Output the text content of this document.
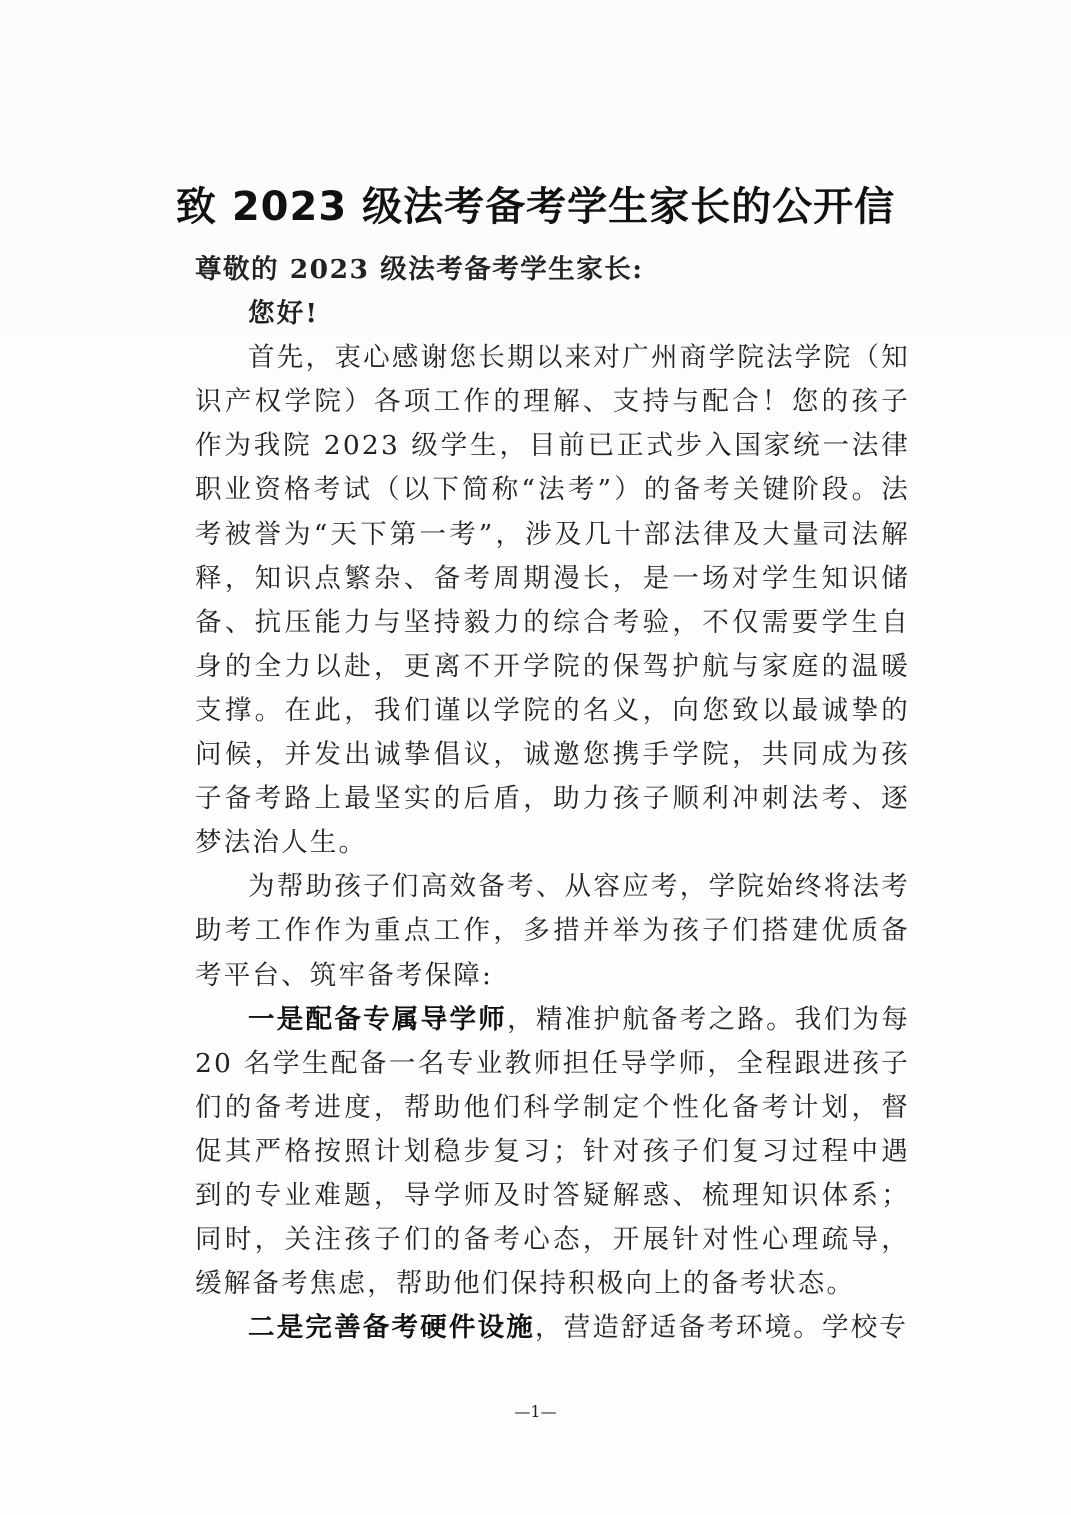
致 2023 级法考备考学生家长的公开信

尊敬的 2023 级法考备考学生家长:

您好!

首先，衷心感谢您长期以来对广州商学院法学院（知识产权学院）各项工作的理解、支持与配合！您的孩子作为我院 2023 级学生，目前已正式步入国家统一法律职业资格考试（以下简称“法考”）的备考关键阶段。法考被誉为“天下第一考”，涉及几十部法律及大量司法解释，知识点繁杂、备考周期漫长，是一场对学生知识储备、抗压能力与坚持毅力的综合考验，不仅需要学生自身的全力以赴，更离不开学院的保驾护航与家庭的温暖支撑。在此，我们谨以学院的名义，向您致以最诚挚的问候，并发出诚挚倡议，诚邀您携手学院，共同成为孩子备考路上最坚实的后盾，助力孩子顺利冲刺法考、逐梦法治人生。

为帮助孩子们高效备考、从容应考，学院始终将法考助考工作作为重点工作，多措并举为孩子们搭建优质备考平台、筑牢备考保障:

一是配备专属导学师，精准护航备考之路。我们为每 20 名学生配备一名专业教师担任导学师，全程跟进孩子们的备考进度，帮助他们科学制定个性化备考计划，督促其严格按照计划稳步复习；针对孩子们复习过程中遇到的专业难题，导学师及时答疑解惑、梳理知识体系；同时，关注孩子们的备考心态，开展针对性心理疏导，缓解备考焦虑，帮助他们保持积极向上的备考状态。

二是完善备考硬件设施，营造舒适备考环境。学校专

—1—
